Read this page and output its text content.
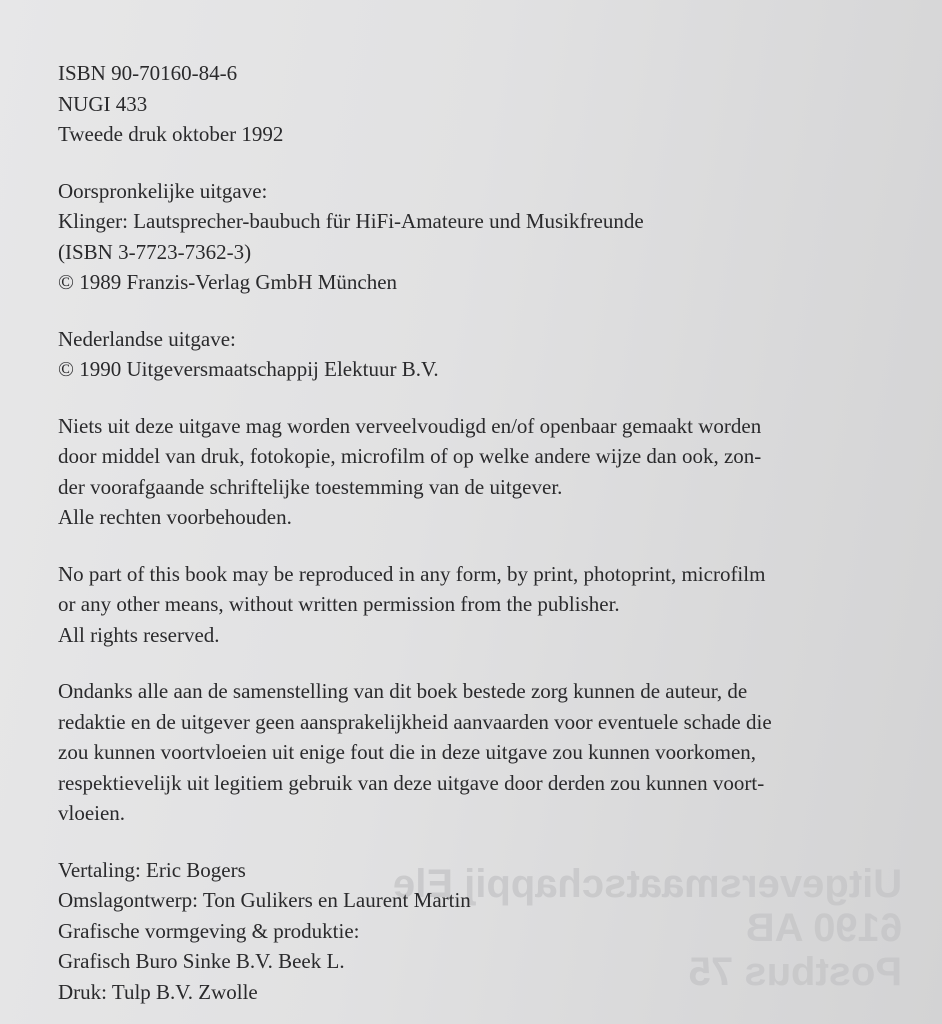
Uitgeversmaatschappij Ele
6190 AB
Postbus 75
ISBN 90-70160-84-6
NUGI 433
Tweede druk oktober 1992
Oorspronkelijke uitgave:
Klinger: Lautsprecher-baubuch für HiFi-Amateure und Musikfreunde
(ISBN 3-7723-7362-3)
© 1989 Franzis-Verlag GmbH München
Nederlandse uitgave:
© 1990 Uitgeversmaatschappij Elektuur B.V.
Niets uit deze uitgave mag worden verveelvoudigd en/of openbaar gemaakt worden
door middel van druk, fotokopie, microfilm of op welke andere wijze dan ook, zon-
der voorafgaande schriftelijke toestemming van de uitgever.
Alle rechten voorbehouden.
No part of this book may be reproduced in any form, by print, photoprint, microfilm
or any other means, without written permission from the publisher.
All rights reserved.
Ondanks alle aan de samenstelling van dit boek bestede zorg kunnen de auteur, de
redaktie en de uitgever geen aansprakelijkheid aanvaarden voor eventuele schade die
zou kunnen voortvloeien uit enige fout die in deze uitgave zou kunnen voorkomen,
respektievelijk uit legitiem gebruik van deze uitgave door derden zou kunnen voort-
vloeien.
Vertaling: Eric Bogers
Omslagontwerp: Ton Gulikers en Laurent Martin
Grafische vormgeving & produktie:
Grafisch Buro Sinke B.V. Beek L.
Druk: Tulp B.V. Zwolle
